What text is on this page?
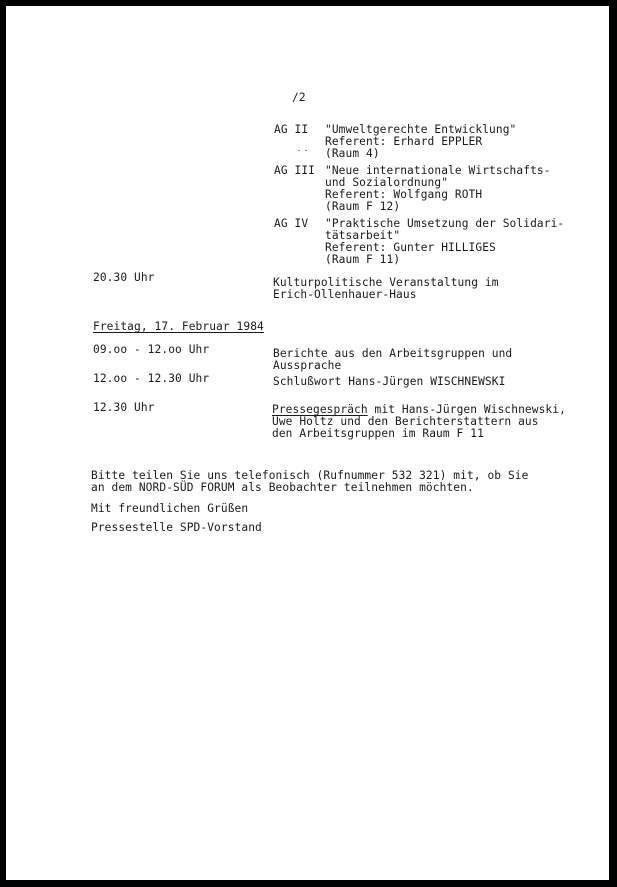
/2
AG II "Umweltgerechte Entwicklung"
Referent: Erhard EPPLER
(Raum 4)
AG III "Neue internationale Wirtschafts-
und Sozialordnung"
Referent: Wolfgang ROTH
(Raum F 12)
AG IV "Praktische Umsetzung der Solidari-
tätsarbeit"
Referent: Gunter HILLIGES
(Raum F 11)
20.30 Uhr	Kulturpolitische Veranstaltung im
Erich-Ollenhauer-Haus
Freitag, 17. Februar 1984
09.oo - 12.oo Uhr	Berichte aus den Arbeitsgruppen und
Aussprache
12.oo - 12.30 Uhr	Schlußwort Hans-Jürgen WISCHNEWSKI
12.30 Uhr	Pressegespräch mit Hans-Jürgen Wischnewski,
Uwe Holtz und den Berichterstattern aus
den Arbeitsgruppen im Raum F 11
Bitte teilen Sie uns telefonisch (Rufnummer 532 321) mit, ob Sie
an dem NORD-SÜD FORUM als Beobachter teilnehmen möchten.
Mit freundlichen Grüßen
Pressestelle SPD-Vorstand
